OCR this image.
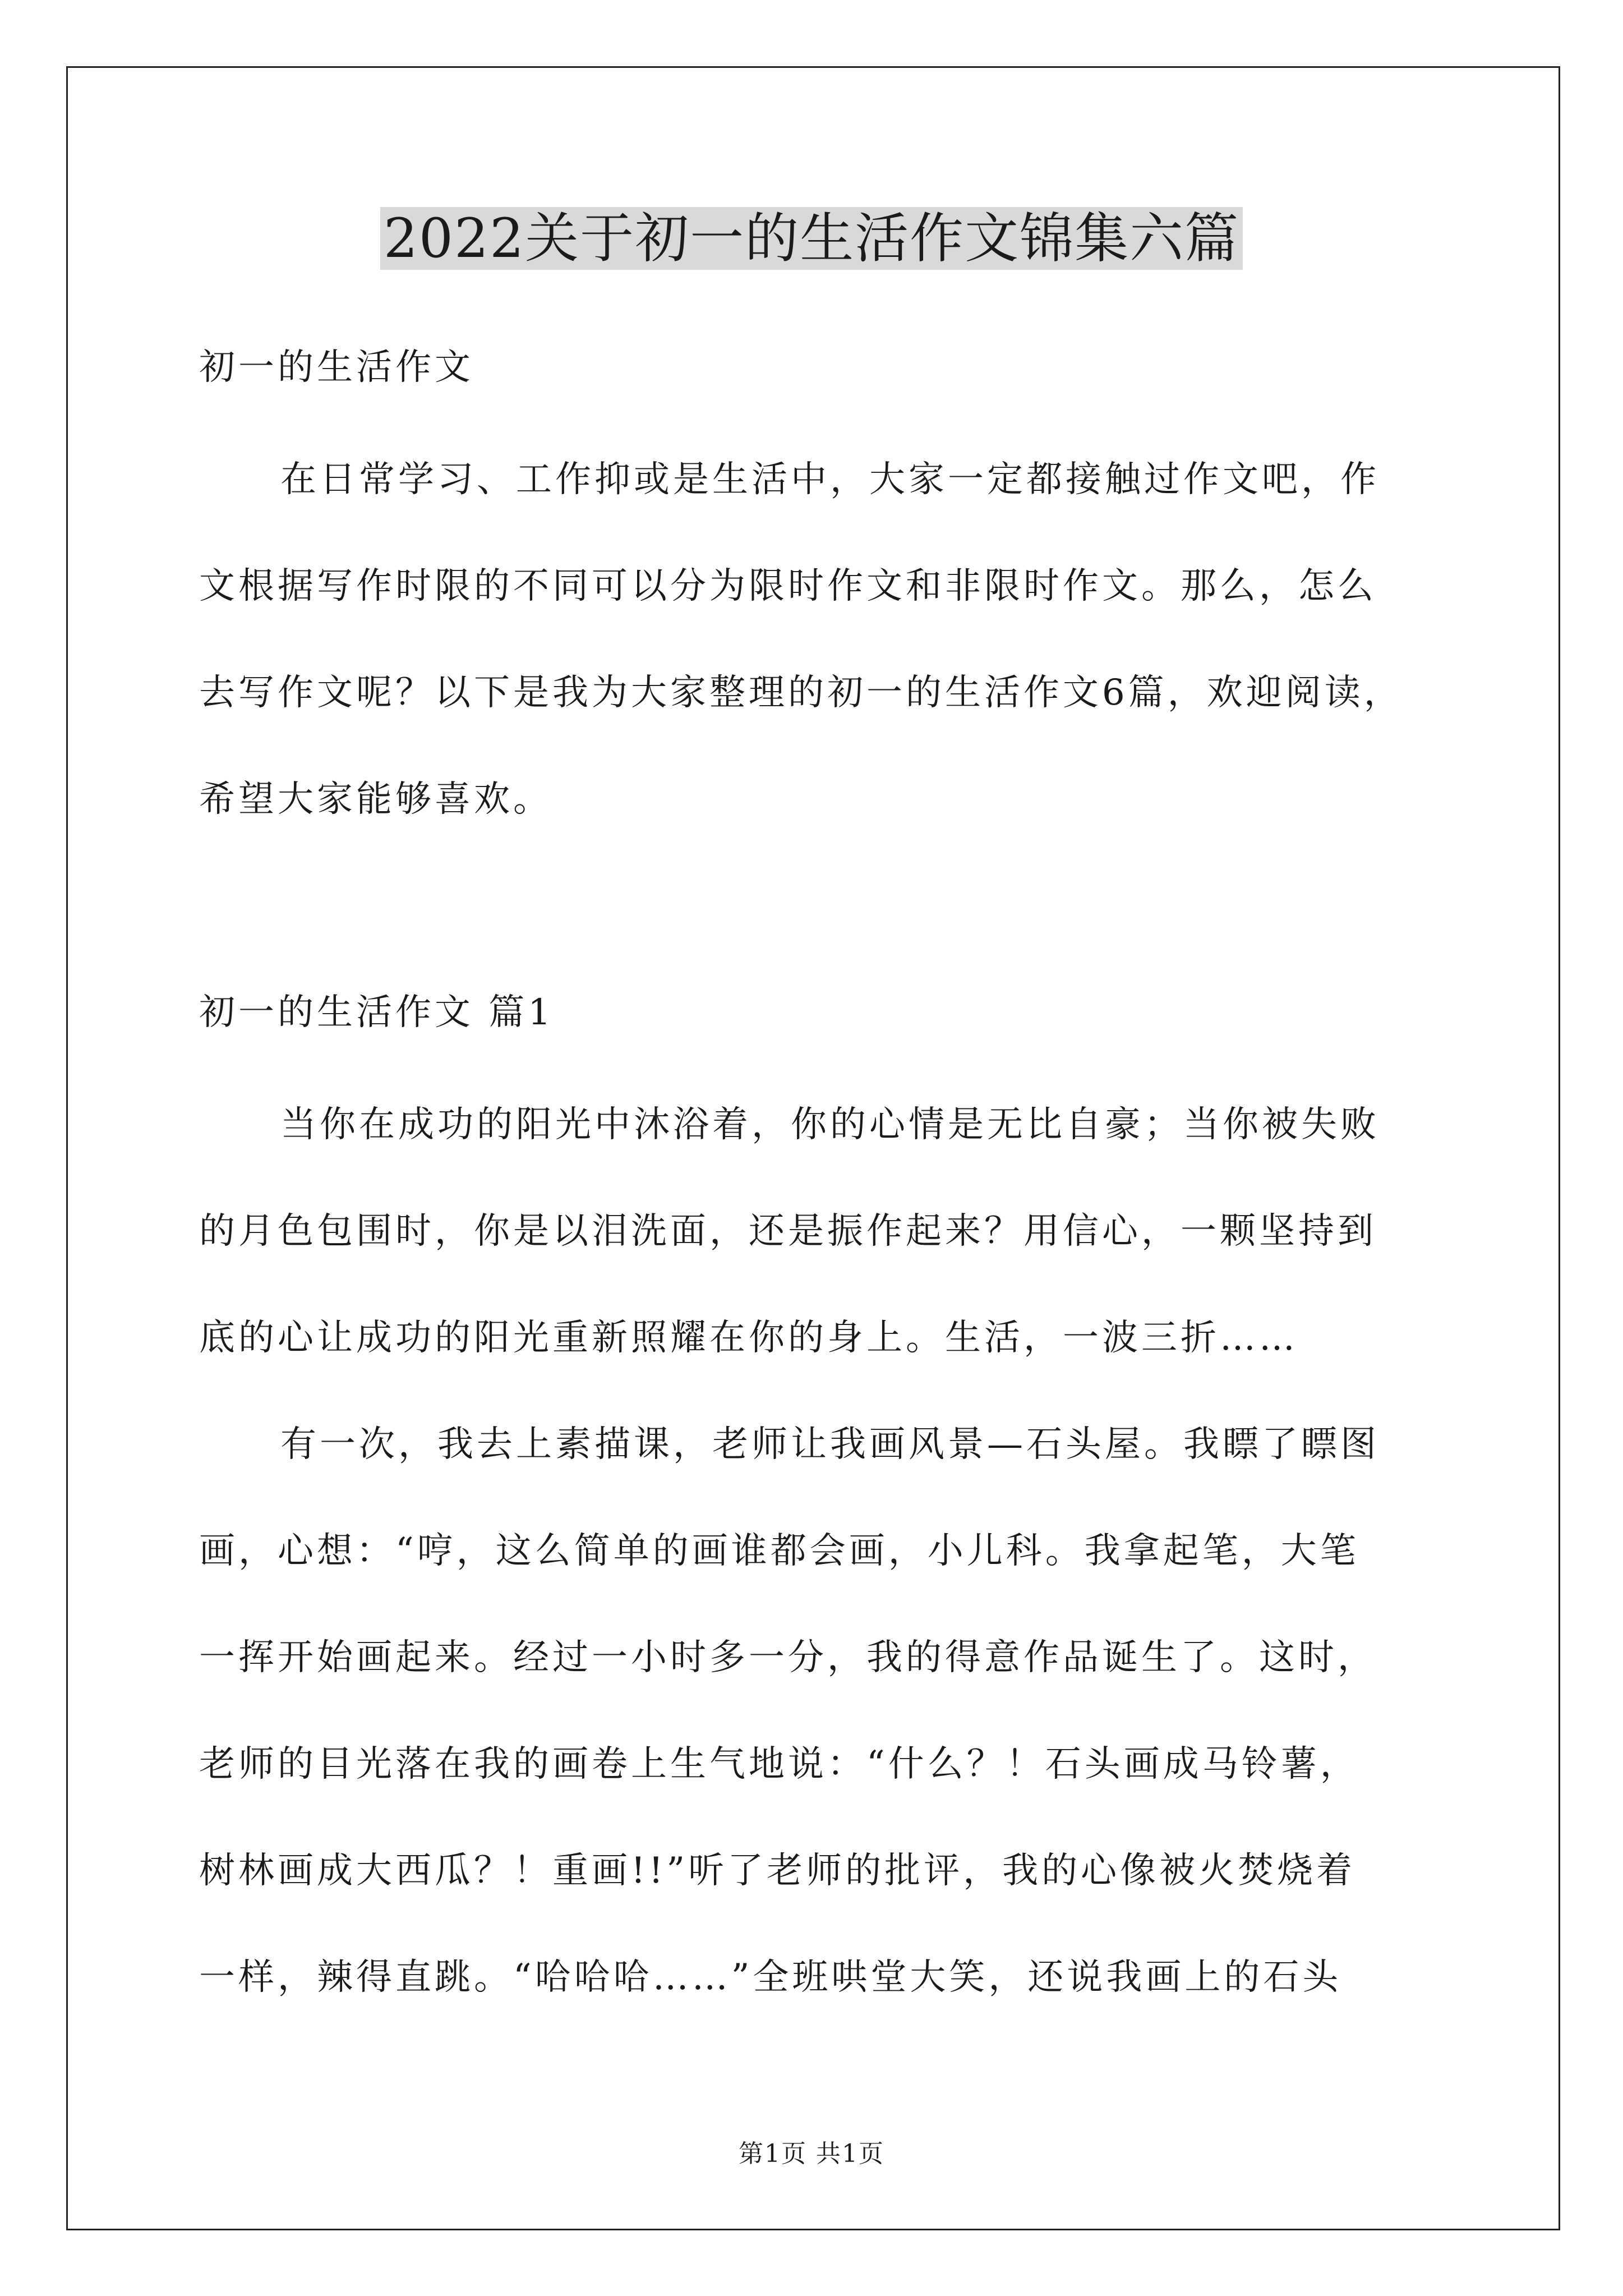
2022关于初一的生活作文锦集六篇
初一的生活作文
在日常学习、工作抑或是生活中，大家一定都接触过作文吧，作
文根据写作时限的不同可以分为限时作文和非限时作文。那么，怎么
去写作文呢？以下是我为大家整理的初一的生活作文6篇，欢迎阅读，
希望大家能够喜欢。
初一的生活作文 篇1
当你在成功的阳光中沐浴着，你的心情是无比自豪；当你被失败
的月色包围时，你是以泪洗面，还是振作起来？用信心，一颗坚持到
底的心让成功的阳光重新照耀在你的身上。生活，一波三折……
有一次，我去上素描课，老师让我画风景—石头屋。我瞟了瞟图
画，心想：“哼，这么简单的画谁都会画，小儿科。我拿起笔，大笔
一挥开始画起来。经过一小时多一分，我的得意作品诞生了。这时，
老师的目光落在我的画卷上生气地说：“什么？！石头画成马铃薯，
树林画成大西瓜？！重画!!”听了老师的批评，我的心像被火焚烧着
一样，辣得直跳。“哈哈哈……”全班哄堂大笑，还说我画上的石头
第1页 共1页
